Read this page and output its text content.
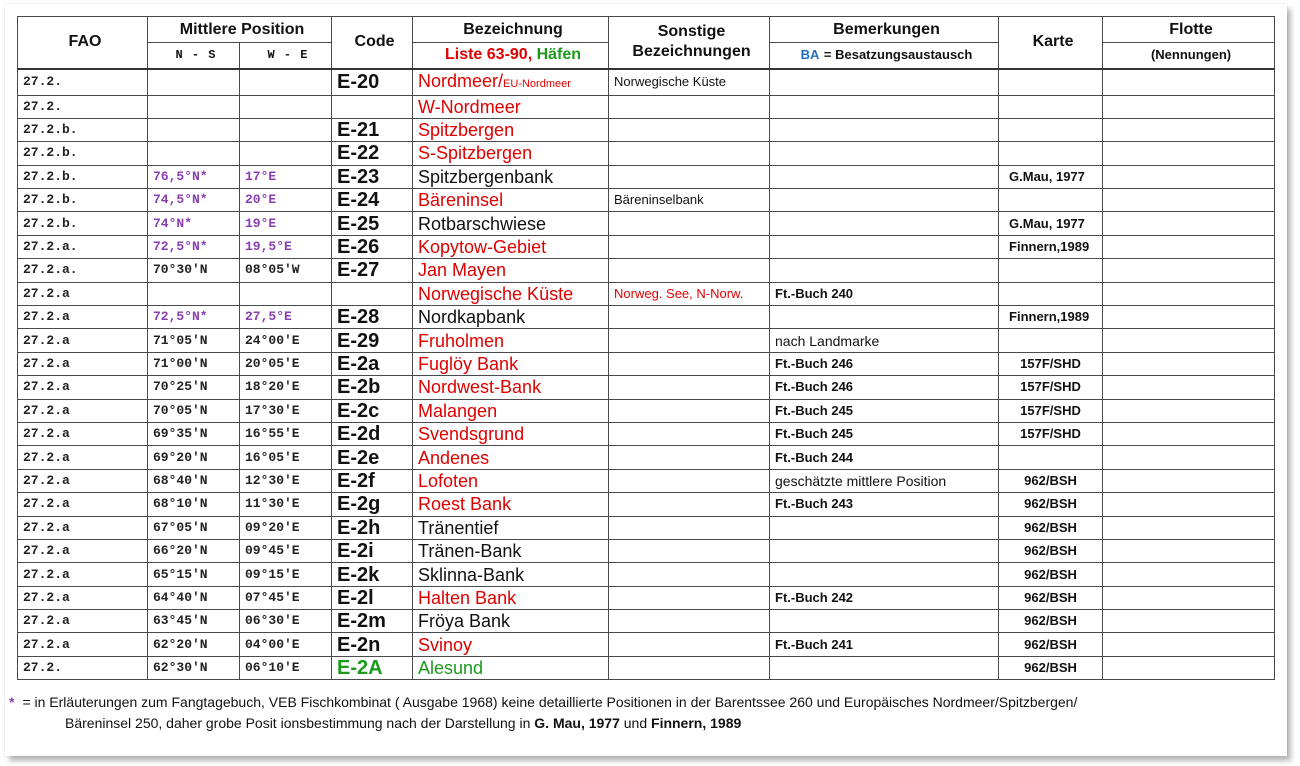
FAO	Mittlere Position		Code	Bezeichnung	Sonstige
Bezeichnungen	Bemerkungen	Karte	Flotte
	N - S	W - E		Liste 63-90, Häfen		BA = Besatzungsaustausch		(Nennungen)
27.2.			E-20	Nordmeer/EU-Nordmeer	Norwegische Küste			
27.2.				W-Nordmeer				
27.2.b.			E-21	Spitzbergen				
27.2.b.			E-22	S-Spitzbergen				
27.2.b.	76,5°N*	17°E	E-23	Spitzbergenbank			G.Mau, 1977	
27.2.b.	74,5°N*	20°E	E-24	Bäreninsel	Bäreninselbank			
27.2.b.	74°N*	19°E	E-25	Rotbarschwiese			G.Mau, 1977	
27.2.a.	72,5°N*	19,5°E	E-26	Kopytow-Gebiet			Finnern,1989	
27.2.a.	70°30'N	08°05'W	E-27	Jan Mayen				
27.2.a				Norwegische Küste	Norweg. See, N-Norw.	Ft.-Buch 240		
27.2.a	72,5°N*	27,5°E	E-28	Nordkapbank			Finnern,1989	
27.2.a	71°05'N	24°00'E	E-29	Fruholmen		nach Landmarke		
27.2.a	71°00'N	20°05'E	E-2a	Fuglöy Bank		Ft.-Buch 246	157F/SHD	
27.2.a	70°25'N	18°20'E	E-2b	Nordwest-Bank		Ft.-Buch 246	157F/SHD	
27.2.a	70°05'N	17°30'E	E-2c	Malangen		Ft.-Buch 245	157F/SHD	
27.2.a	69°35'N	16°55'E	E-2d	Svendsgrund		Ft.-Buch 245	157F/SHD	
27.2.a	69°20'N	16°05'E	E-2e	Andenes		Ft.-Buch 244		
27.2.a	68°40'N	12°30'E	E-2f	Lofoten		geschätzte mittlere Position	962/BSH	
27.2.a	68°10'N	11°30'E	E-2g	Roest Bank		Ft.-Buch 243	962/BSH	
27.2.a	67°05'N	09°20'E	E-2h	Tränentief			962/BSH	
27.2.a	66°20'N	09°45'E	E-2i	Tränen-Bank			962/BSH	
27.2.a	65°15'N	09°15'E	E-2k	Sklinna-Bank			962/BSH	
27.2.a	64°40'N	07°45'E	E-2l	Halten Bank		Ft.-Buch 242	962/BSH	
27.2.a	63°45'N	06°30'E	E-2m	Fröya Bank			962/BSH	
27.2.a	62°20'N	04°00'E	E-2n	Svinoy		Ft.-Buch 241	962/BSH	
27.2.	62°30'N	06°10'E	E-2A	Alesund			962/BSH	
* = in Erläuterungen zum Fangtagebuch, VEB Fischkombinat ( Ausgabe 1968) keine detaillierte Positionen in der Barentssee 260 und Europäisches Nordmeer/Spitzbergen/
Bäreninsel 250, daher grobe Posit ionsbestimmung nach der Darstellung in G. Mau, 1977 und Finnern, 1989
